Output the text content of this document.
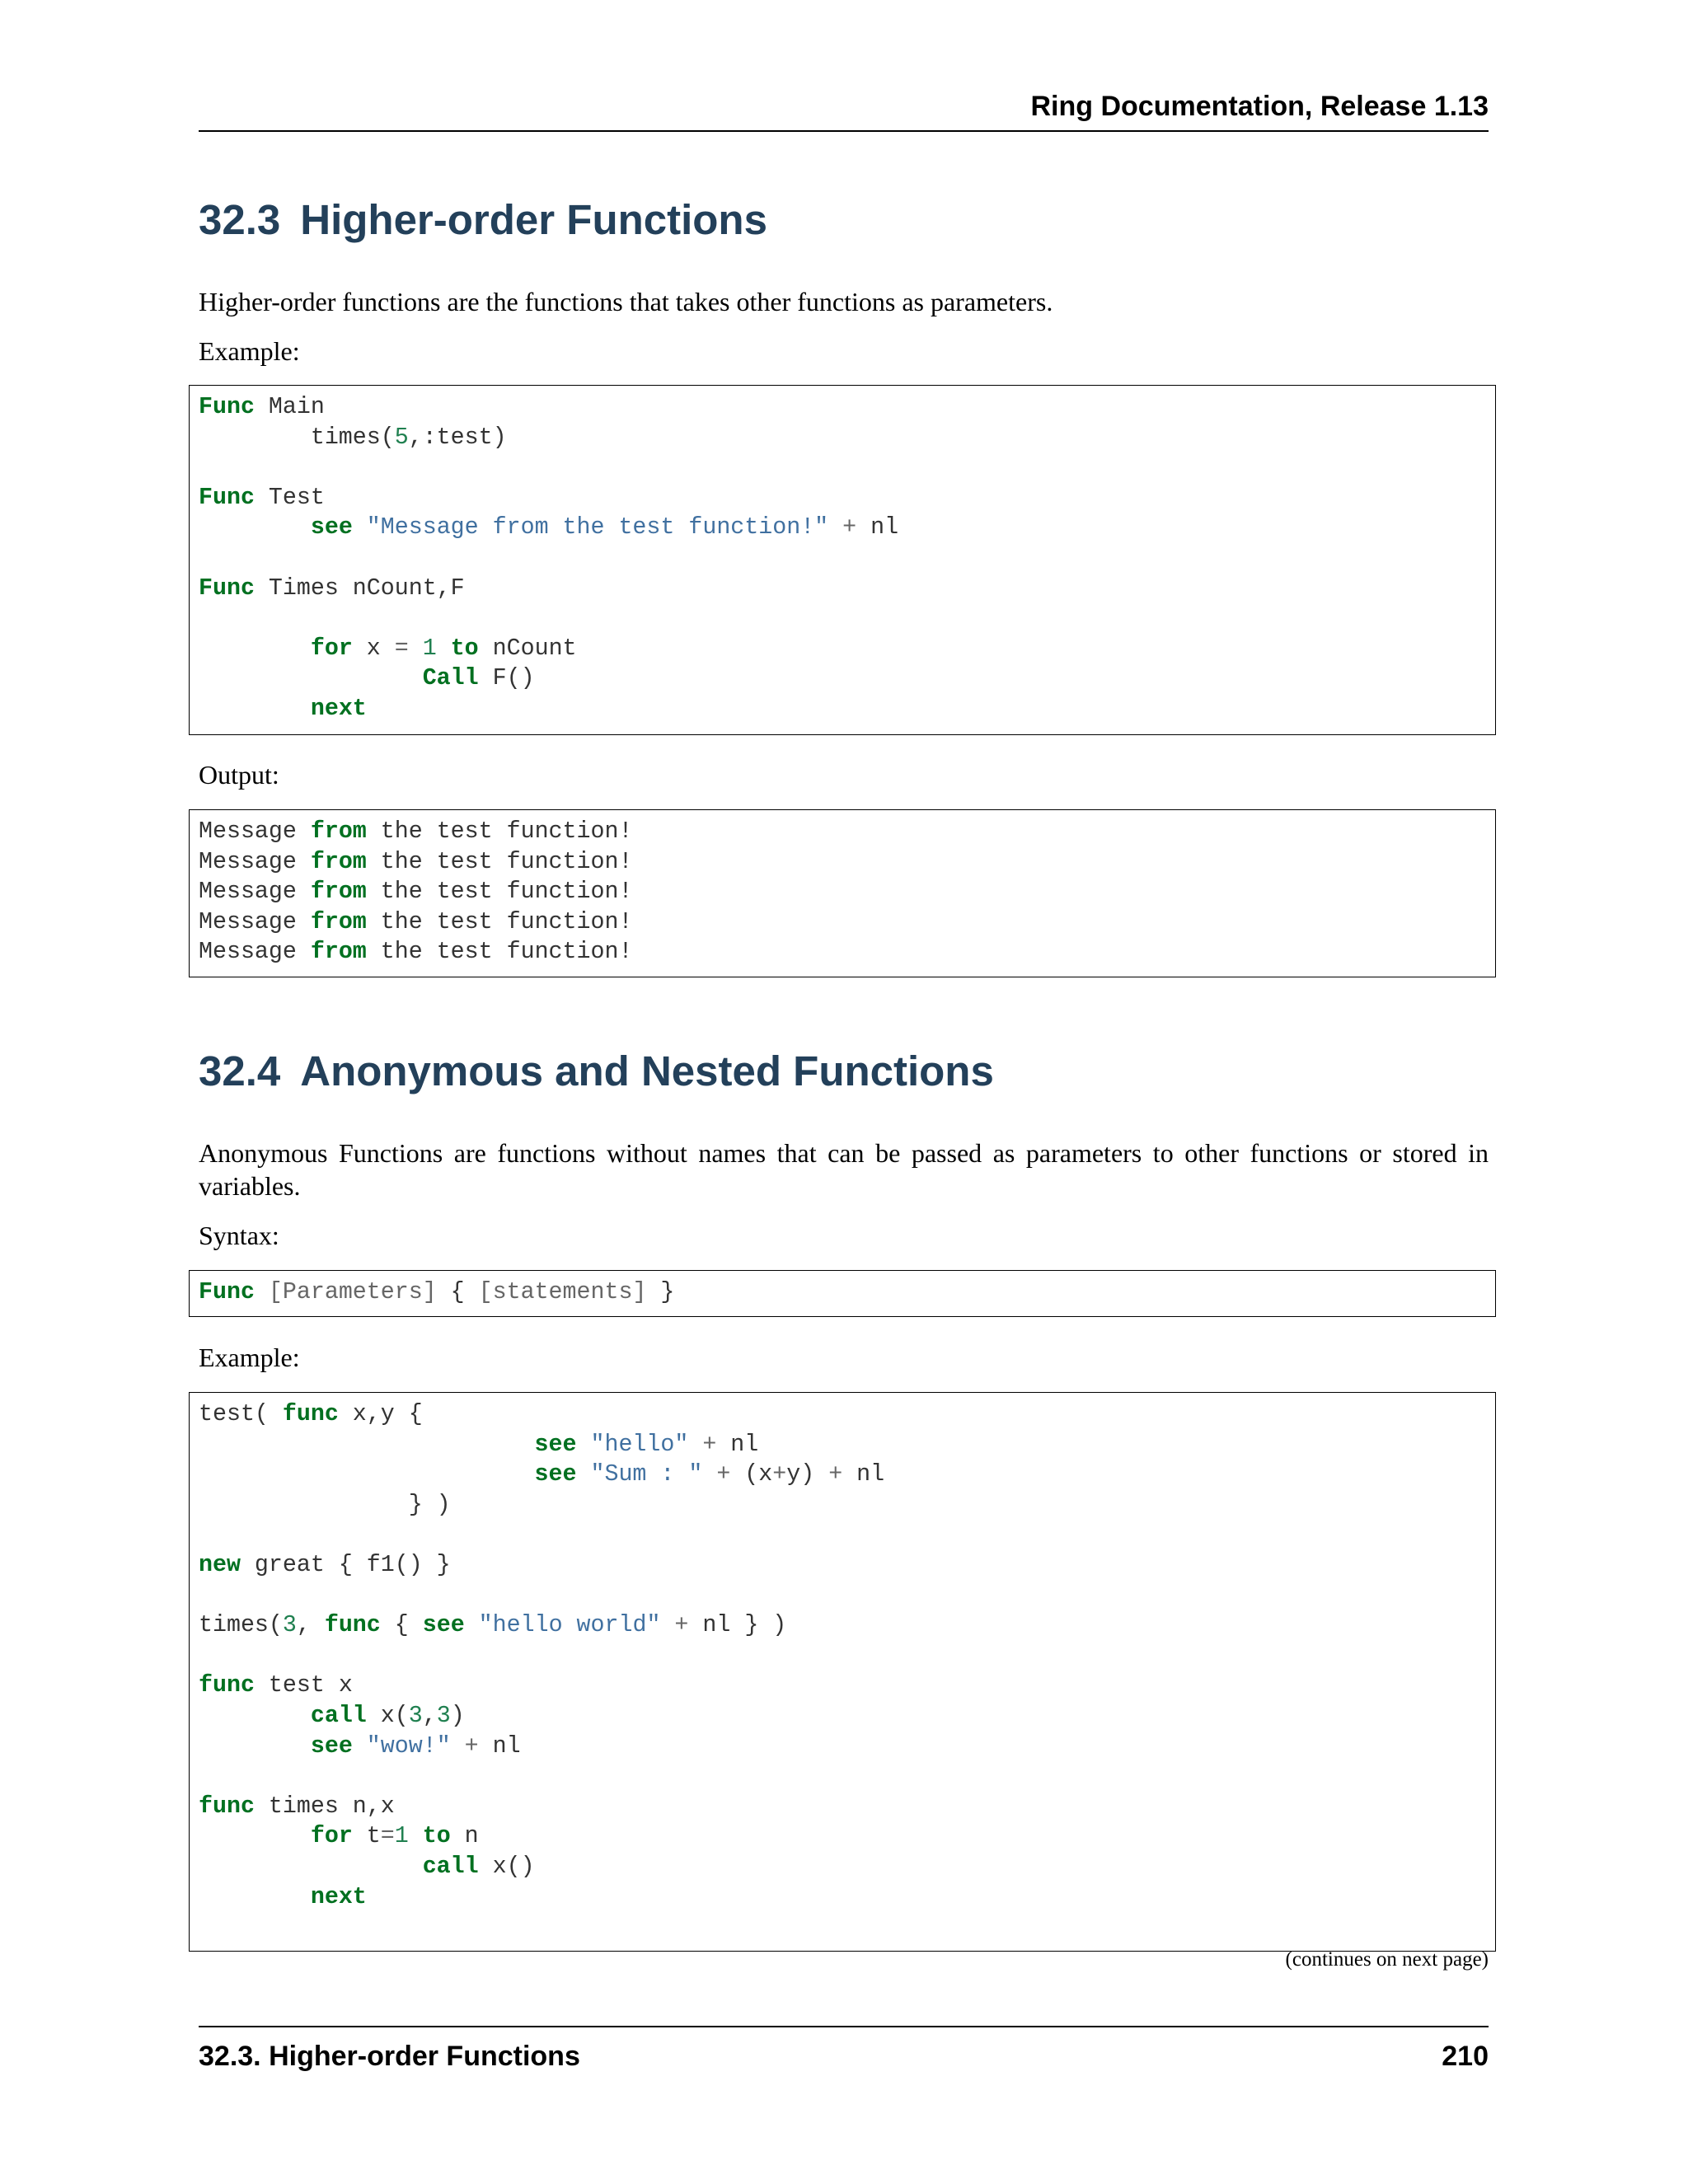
Ring Documentation, Release 1.13
32.3 Higher-order Functions

Higher-order functions are the functions that takes other functions as parameters.

Example:

Func Main
times(5,:test)

Func Test
see "Message from the test function!" + nl

Func Times nCount,F

for x = 1 to nCount
Call F()
next

Output:

Message from the test function!
Message from the test function!
Message from the test function!
Message from the test function!
Message from the test function!
32.4 Anonymous and Nested Functions

Anonymous Functions are functions without names that can be passed as parameters to other functions or stored in variables.

Syntax:

Func [Parameters] { [statements] }

Example:

test( func x,y {
see "hello" + nl
see "Sum : " + (x+y) + nl
} )

new great { f1() }

times(3, func { see "hello world" + nl } )

func test x
call x(3,3)
see "wow!" + nl

func times n,x
for t=1 to n
call x()
next
(continues on next page)
32.3. Higher-order Functions	210
